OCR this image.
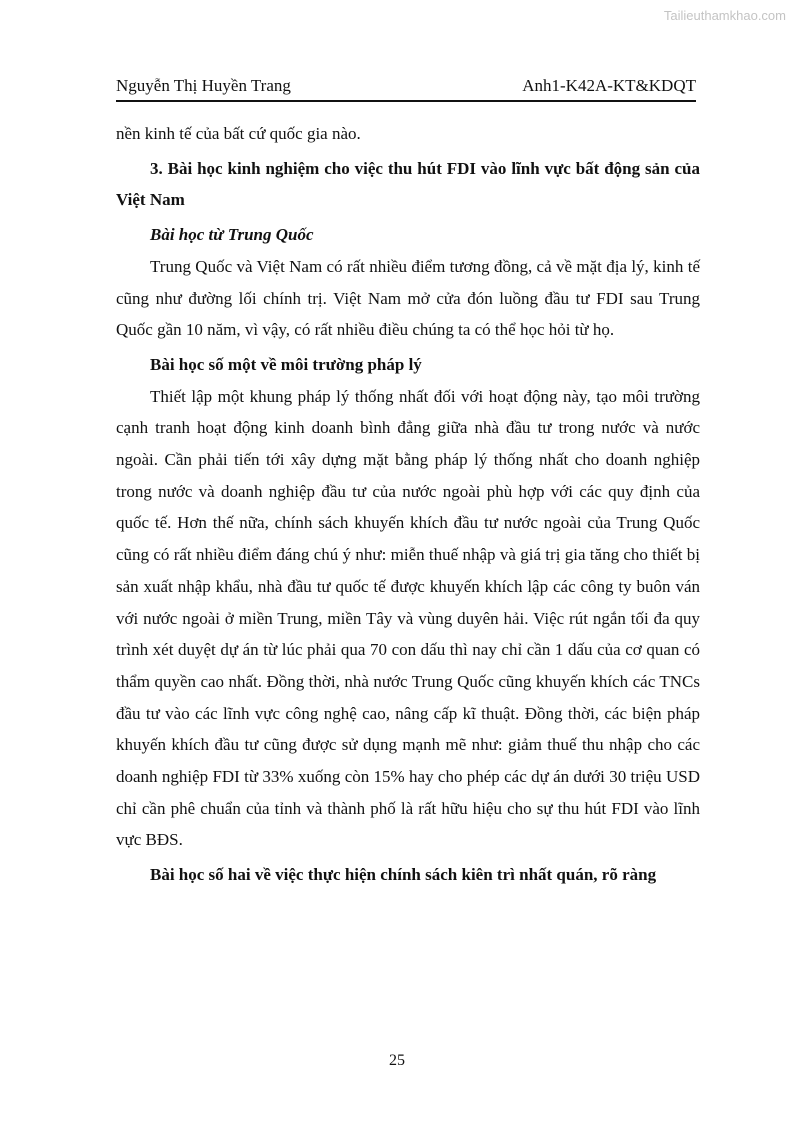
Tailieuthamkhao.com

Nguyễn Thị Huyền Trang	Anh1-K42A-KT&KDQT

nền kinh tế của bất cứ quốc gia nào.

3. Bài học kinh nghiệm cho việc thu hút FDI vào lĩnh vực bất động sản của Việt Nam

Bài học từ Trung Quốc

Trung Quốc và Việt Nam có rất nhiều điểm tương đồng, cả về mặt địa lý, kinh tế cũng như đường lối chính trị. Việt Nam mở cửa đón luồng đầu tư FDI sau Trung Quốc gần 10 năm, vì vậy, có rất nhiều điều chúng ta có thể học hỏi từ họ.

Bài học số một về môi trường pháp lý

Thiết lập một khung pháp lý thống nhất đối với hoạt động này, tạo môi trường cạnh tranh hoạt động kinh doanh bình đẳng giữa nhà đầu tư trong nước và nước ngoài. Cần phải tiến tới xây dựng mặt bằng pháp lý thống nhất cho doanh nghiệp trong nước và doanh nghiệp đầu tư của nước ngoài phù hợp với các quy định của quốc tế. Hơn thế nữa, chính sách khuyến khích đầu tư nước ngoài của Trung Quốc cũng có rất nhiều điểm đáng chú ý như: miễn thuế nhập và giá trị gia tăng cho thiết bị sản xuất nhập khẩu, nhà đầu tư quốc tế được khuyến khích lập các công ty buôn ván với nước ngoài ở miền Trung, miền Tây và vùng duyên hải. Việc rút ngắn tối đa quy trình xét duyệt dự án từ lúc phải qua 70 con dấu thì nay chỉ cần 1 dấu của cơ quan có thẩm quyền cao nhất. Đồng thời, nhà nước Trung Quốc cũng khuyến khích các TNCs đầu tư vào các lĩnh vực công nghệ cao, nâng cấp kĩ thuật. Đồng thời, các biện pháp khuyến khích đầu tư cũng được sử dụng mạnh mẽ như: giảm thuế thu nhập cho các doanh nghiệp FDI từ 33% xuống còn 15% hay cho phép các dự án dưới 30 triệu USD chỉ cần phê chuẩn của tỉnh và thành phố là rất hữu hiệu cho sự thu hút FDI vào lĩnh vực BĐS.

Bài học số hai về việc thực hiện chính sách kiên trì nhất quán, rõ ràng

25
